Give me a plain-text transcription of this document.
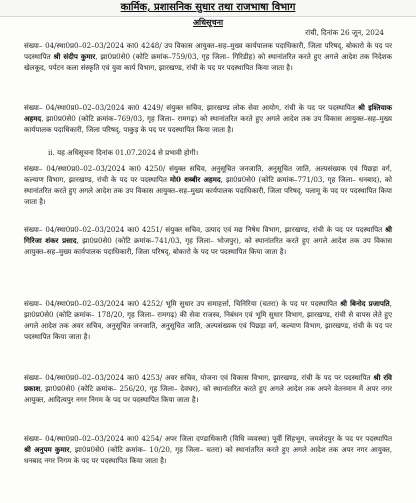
कार्मिक, प्रशासनिक सुधार तथा राजभाषा विभाग
अधिसूचना
रांची, दिनांक 26 जून, 2024

संख्या– 04/स्था0प्र0–02–03/2024 का0 4248/ उप विकास आयुक्त–सह–मुख्य कार्यपालक पदाधिकारी, जिला परिषद्, बोकारो के पद पर पदस्थापित श्री संदीप कुमार, झा0प्र0से0 (कोटि क्रमांक–759/03, गृह जिला– गिरिडीह) को स्थानांतरित करते हुए अगले आदेश तक निदेशक खेलकूद, पर्यटन कला संस्कृति एवं युवा कार्य विभाग, झारखण्ड, रांची के पद पर पदस्थापित किया जाता है।

संख्या– 04/स्था0प्र0–02–03/2024 का0 4249/ संयुक्त सचिव, झारखण्ड लोक सेवा आयोग, रांची के पद पर पदस्थापित श्री इश्तियाक अहमद, झा0प्र0से0 (कोटि क्रमांक–769/03, गृह जिला– रामगढ़) को स्थानांतरित करते हुए अगले आदेश तक उप विकास आयुक्त–सह–मुख्य कार्यपालक पदाधिकारी, जिला परिषद्, पाकुड़ के पद पर पदस्थापित किया जाता है।

ii. यह अधिसूचना दिनांक 01.07.2024 से प्रभावी होगी।

संख्या– 04/स्था0प्र0–02–03/2024 का0 4250/ संयुक्त सचिव, अनुसूचित जनजाति, अनुसूचित जाति, अल्पसंख्यक एवं पिछड़ा वर्ग, कल्याण विभाग, झारखण्ड, रांची के पद पर पदस्थापित मो0 शब्बीर अहमद, झा0प्र0से0 (कोटि क्रमांक–771/03, गृह जिला– धनबाद), को स्थानांतरित करते हुए अगले आदेश तक उप विकास आयुक्त–सह–मुख्य कार्यपालक पदाधिकारी, जिला परिषद्, पलामू के पद पर पदस्थापित किया जाता है।

संख्या– 04/स्था0प्र0–02–03/2024 का0 4251/ संयुक्त सचिव, उत्पाद एवं मद्य निषेध विभाग, झारखण्ड, रांची के पद पर पदस्थापित श्री गिरिजा शंकर प्रसाद, झा0प्र0से0 (कोटि क्रमांक–741/03, गृह जिला– भोजपुर), को स्थानांतरित करते हुए अगले आदेश तक उप विकास आयुक्त–सह–मुख्य कार्यपालक पदाधिकारी, जिला परिषद्, बोकारो के पद पर पदस्थापित किया जाता है।

संख्या– 04/स्था0प्र0–02–03/2024 का0 4252/ भूमि सुधार उप समाहर्त्ता, चिनिरिया (चतरा) के पद पर पदस्थापित श्री बिनोद प्रजापति, झा0प्र0से0 (कोटि क्रमांक– 178/20, गृह जिला– रामगढ़) की सेवा राजस्व, निबंधन एवं भूमि सुधार विभाग, झारखण्ड, रांची से वापस लेते हुए अगले आदेश तक अवर सचिव, अनुसूचित जनजाति, अनुसूचित जाति, अल्पसंख्यक एवं पिछड़ा वर्ग, कल्याण विभाग, झारखण्ड, रांची के पद पर पदस्थापित किया जाता है।

संख्या– 04/स्था0प्र0–02–03/2024 का0 4253/ अवर सचिव, योजना एवं विकास विभाग, झारखण्ड, रांची के पद पर पदस्थापित श्री रवि प्रकाश, झा0प्र0से0 (कोटि क्रमांक– 256/20, गृह जिला– देवघर), को स्थानांतरित करते हुए अगले आदेश तक अपने वेतनमान में अपर नगर आयुक्त, आदित्यपुर नगर निगम के पद पर पदस्थापित किया जाता है।

संख्या– 04/स्था0प्र0–02–03/2024 का0 4254/ अपर जिला दण्डाधिकारी (विधि व्यवस्था) पूर्वी सिंहभूम, जमशेदपुर के पद पर पदस्थापित श्री अनुपम कुमार, झा0प्र0से0 (कोटि क्रमांक– 10/20, गृह जिला– चतरा) को स्थानांतरित करते हुए अगले आदेश तक अपर नगर आयुक्त, धनबाद नगर निगम के पद पर पदस्थापित किया जाता है।
